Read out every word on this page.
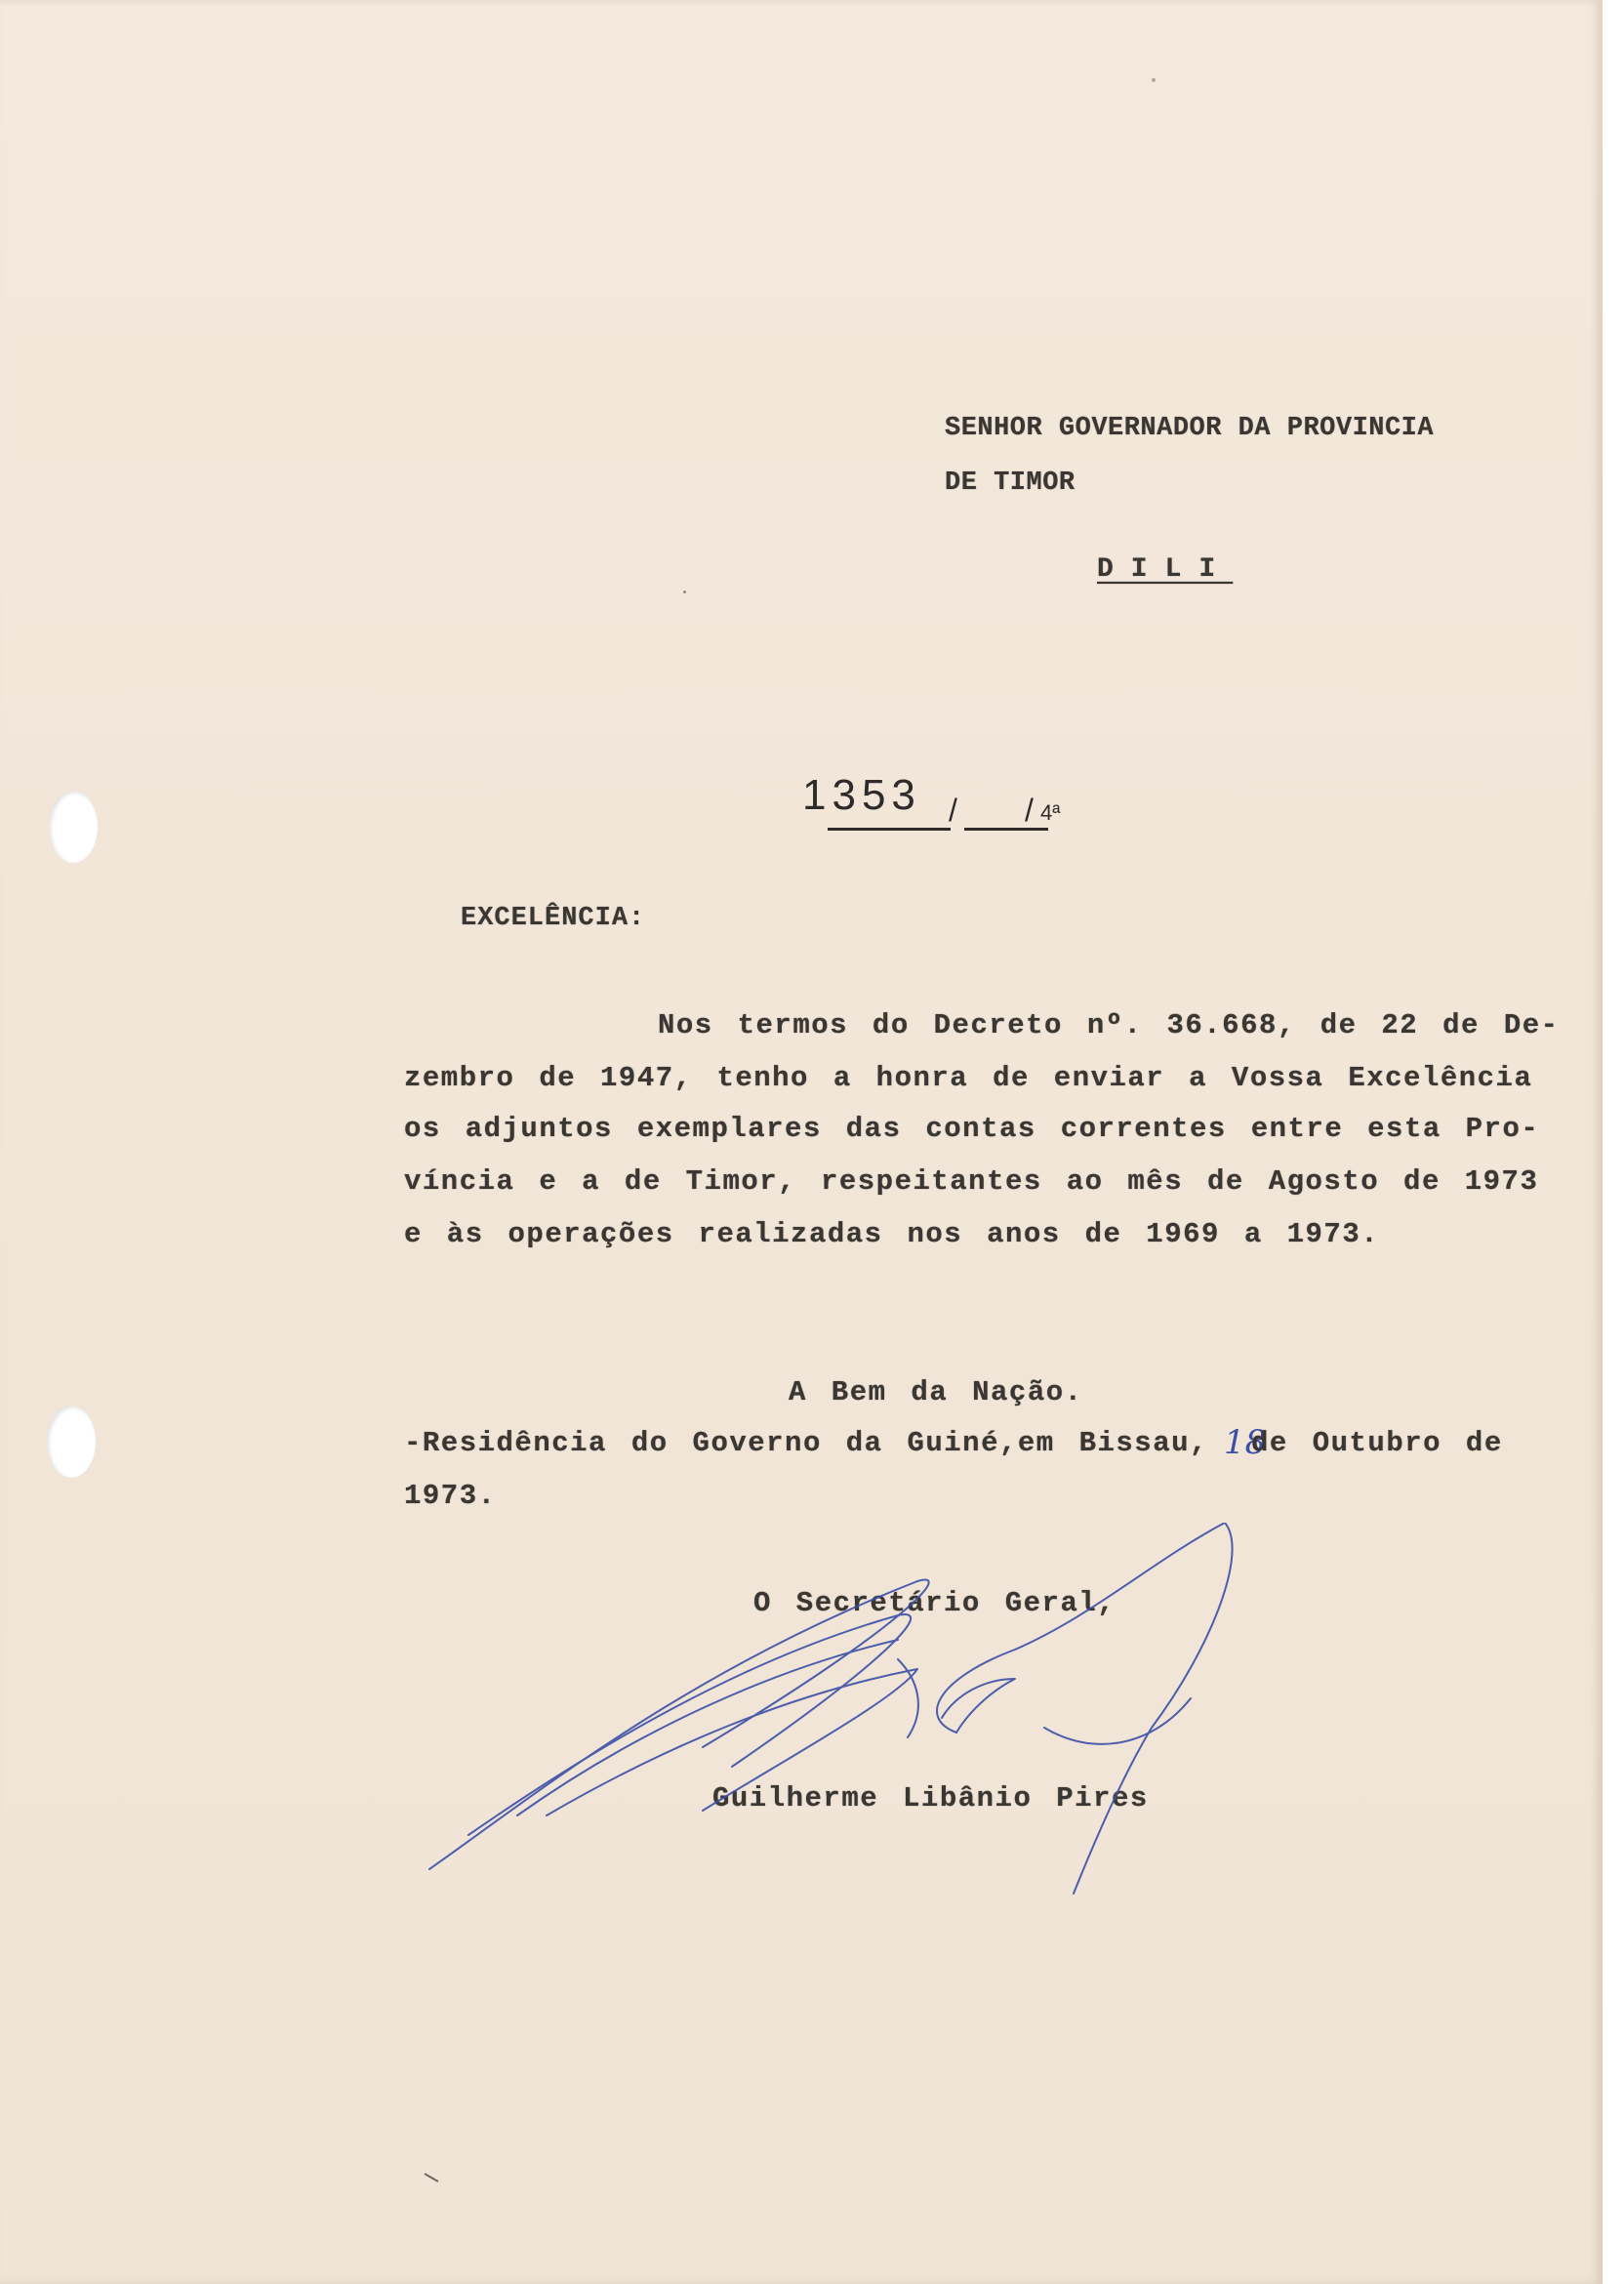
SENHOR GOVERNADOR DA PROVINCIA
DE TIMOR
DILI
1353 / / 4ª
EXCELÊNCIA:
Nos termos do Decreto nº. 36.668, de 22 de De-
zembro de 1947, tenho a honra de enviar a Vossa Excelência
os adjuntos exemplares das contas correntes entre esta Pro-
víncia e a de Timor, respeitantes ao mês de Agosto de 1973
e às operações realizadas nos anos de 1969 a 1973.
A Bem da Nação.
-Residência do Governo da Guiné,em Bissau, 18
de Outubro de
1973.
O Secretário Geral,
Guilherme Libânio Pires
